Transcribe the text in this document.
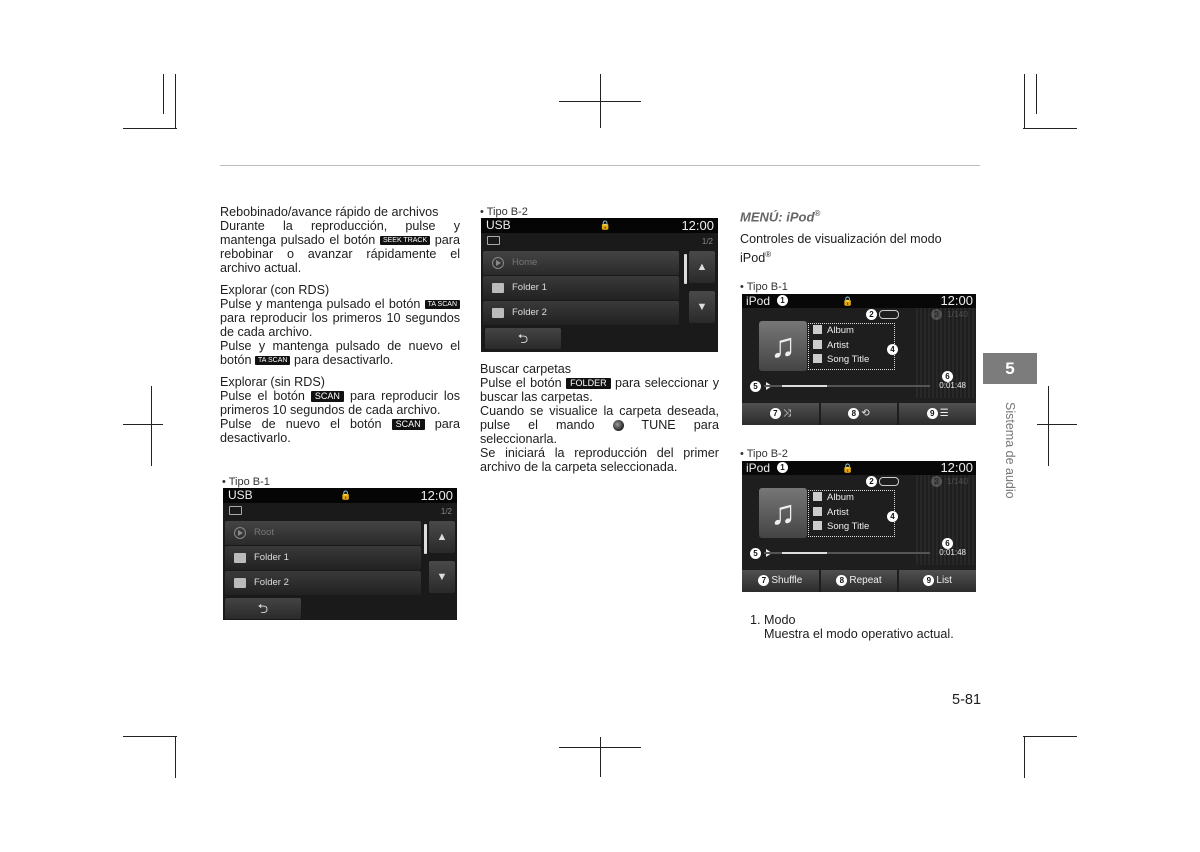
Rebobinado/avance rápido de archivos

Durante la reproducción, pulse y mantenga pulsado el botón SEEK TRACK para rebobinar o avanzar rápidamente el archivo actual.

Explorar (con RDS)

Pulse y mantenga pulsado el botón TA SCAN para reproducir los primeros 10 segundos de cada archivo.

Pulse y mantenga pulsado de nuevo el botón TA SCAN para desactivarlo.

Explorar (sin RDS)

Pulse el botón SCAN para reproducir los primeros 10 segundos de cada archivo.

Pulse de nuevo el botón SCAN para desactivarlo.

• Tipo B-1
USB	🔒	12:00
1/2
Root
Folder 1
Folder 2
▲
▼
⮌
• Tipo B-2
USB	🔒	12:00
1/2
Home
Folder 1
Folder 2
▲
▼
⮌
Buscar carpetas

Pulse el botón FOLDER para seleccionar y buscar las carpetas.

Cuando se visualice la carpeta deseada, pulse el mando	TUNE para seleccionarla.

Se iniciará la reproducción del primer archivo de la carpeta seleccionada.

MENÚ: iPod®
Controles de visualización del modo iPod®
• Tipo B-1
iPod	🔒	12:00
1
2
♫	Album
Artist
Song Title
4
6
5	0:01:48
7 ⤨	8 ⟲	9 ☰
• Tipo B-2
iPod	🔒	12:00
1
2
♫	Album
Artist
Song Title
4
6
5	0:01:48
7 Shuffle	8 Repeat	9 List
1. Modo
Muestra el modo operativo actual.
5
Sistema de audio
5-81
